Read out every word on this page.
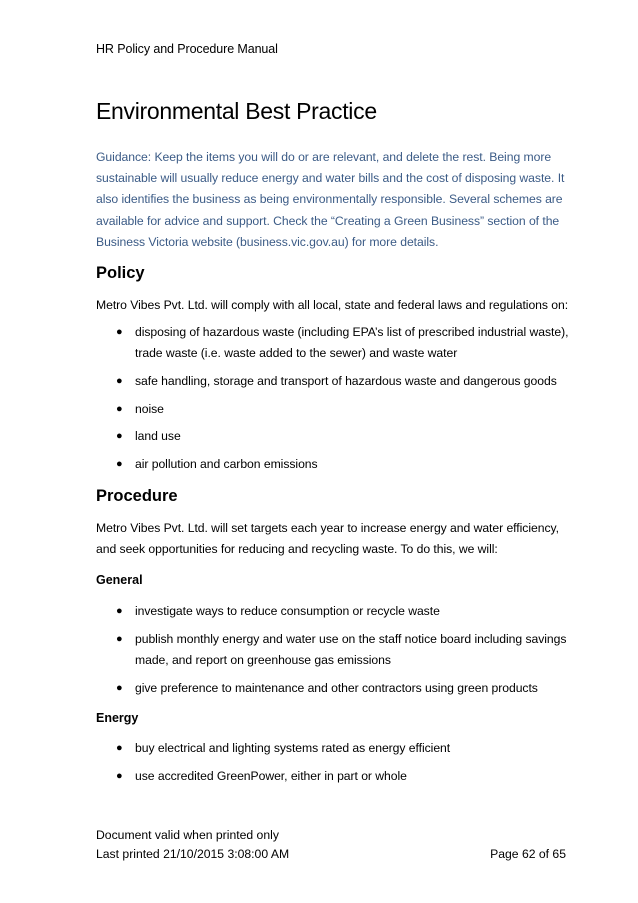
HR Policy and Procedure Manual
Environmental Best Practice

Guidance: Keep the items you will do or are relevant, and delete the rest. Being more sustainable will usually reduce energy and water bills and the cost of disposing waste. It also identifies the business as being environmentally responsible. Several schemes are available for advice and support. Check the “Creating a Green Business” section of the Business Victoria website (business.vic.gov.au) for more details.

Policy

Metro Vibes Pvt. Ltd. will comply with all local, state and federal laws and regulations on:

● disposing of hazardous waste (including EPA’s list of prescribed industrial waste), trade waste (i.e. waste added to the sewer) and waste water
● safe handling, storage and transport of hazardous waste and dangerous goods
● noise
● land use
● air pollution and carbon emissions
Procedure

Metro Vibes Pvt. Ltd. will set targets each year to increase energy and water efficiency, and seek opportunities for reducing and recycling waste. To do this, we will:

General
● investigate ways to reduce consumption or recycle waste
● publish monthly energy and water use on the staff notice board including savings made, and report on greenhouse gas emissions
● give preference to maintenance and other contractors using green products
Energy
● buy electrical and lighting systems rated as energy efficient
● use accredited GreenPower, either in part or whole
Document valid when printed only
Last printed 21/10/2015 3:08:00 AM	Page 62 of 65
